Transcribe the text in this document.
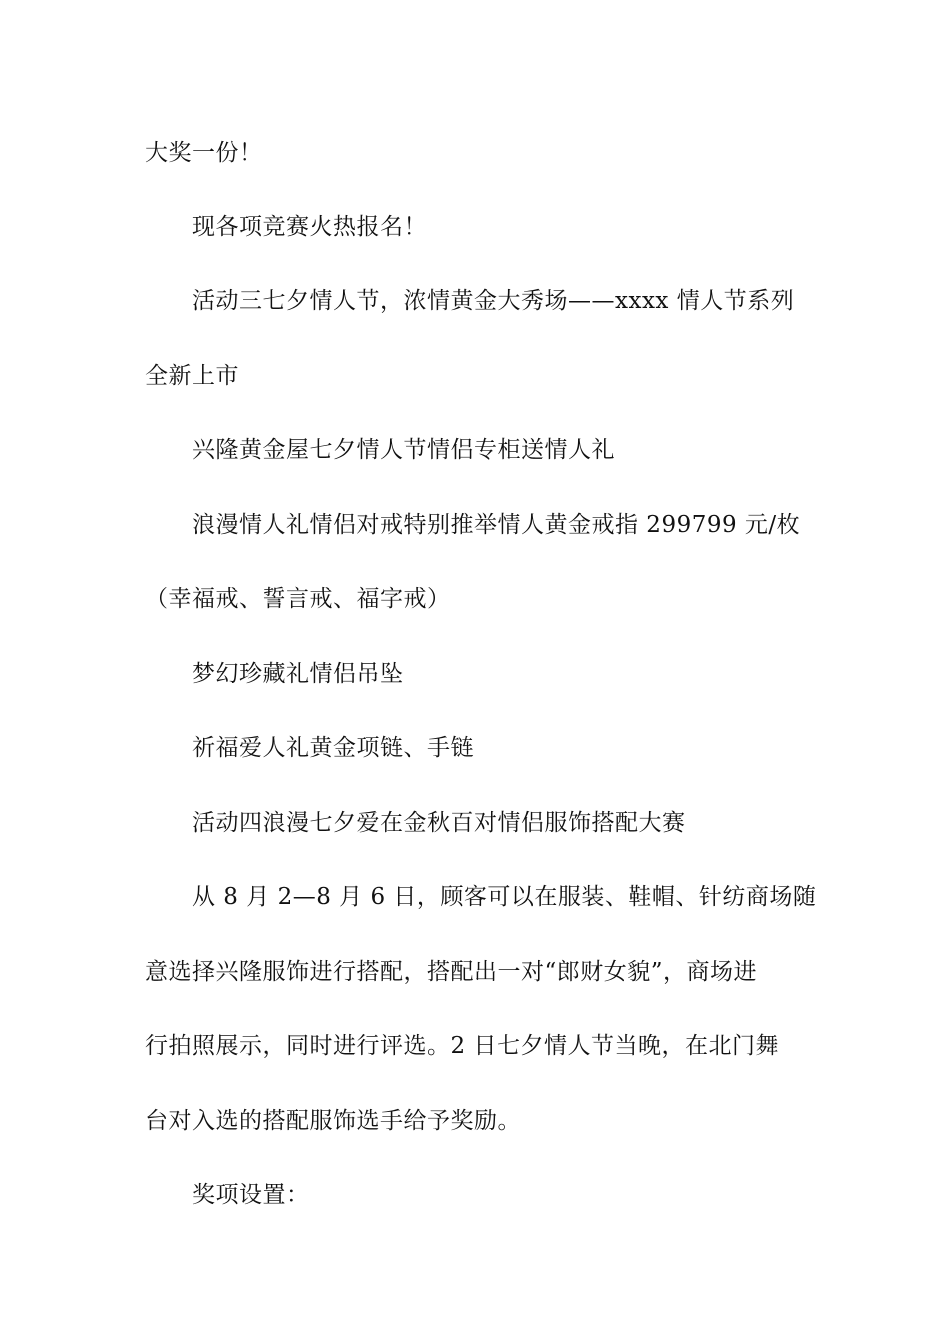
大奖一份！
现各项竞赛火热报名！
活动三七夕情人节，浓情黄金大秀场——xxxx 情人节系列
全新上市
兴隆黄金屋七夕情人节情侣专柜送情人礼
浪漫情人礼情侣对戒特别推举情人黄金戒指 299799 元/枚
（幸福戒、誓言戒、福字戒）
梦幻珍藏礼情侣吊坠
祈福爱人礼黄金项链、手链
活动四浪漫七夕爱在金秋百对情侣服饰搭配大赛
从 8 月 2—8 月 6 日，顾客可以在服装、鞋帽、针纺商场随
意选择兴隆服饰进行搭配，搭配出一对“郎财女貌”，商场进
行拍照展示，同时进行评选。2 日七夕情人节当晚，在北门舞
台对入选的搭配服饰选手给予奖励。
奖项设置：
